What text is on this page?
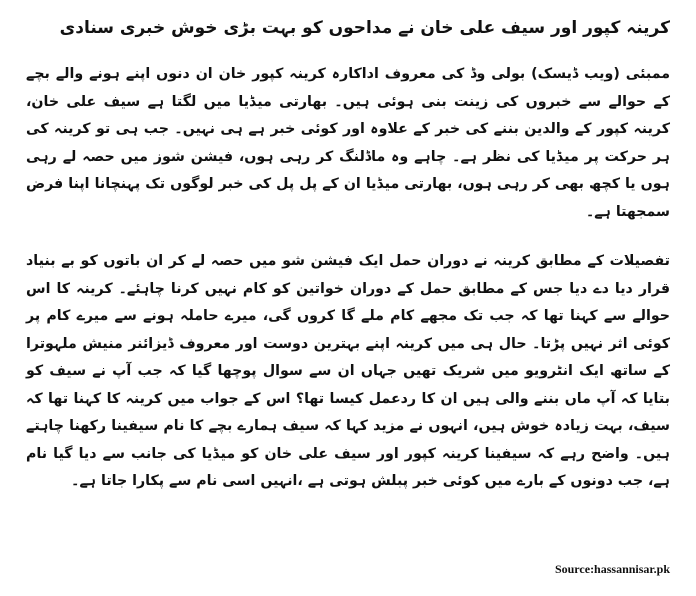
کرینہ کپور اور سیف علی خان نے مداحوں کو بہت بڑی خوش خبری سنادی

ممبئی (ویب ڈیسک) بولی وڈ کی معروف اداکارہ کرینہ کپور خان ان دنوں اپنے ہونے والے بچے کے حوالے سے خبروں کی زینت بنی ہوئی ہیں۔ بھارتی میڈیا میں لگتا ہے سیف علی خان، کرینہ کپور کے والدین بننے کی خبر کے علاوہ اور کوئی خبر ہے ہی نہیں۔ جب ہی تو کرینہ کی ہر حرکت پر میڈیا کی نظر ہے۔ چاہے وہ ماڈلنگ کر رہی ہوں، فیشن شوز میں حصہ لے رہی ہوں یا کچھ بھی کر رہی ہوں، بھارتی میڈیا ان کے پل پل کی خبر لوگوں تک پہنچانا اپنا فرض سمجھتا ہے۔

تفصیلات کے مطابق کرینہ نے دوران حمل ایک فیشن شو میں حصہ لے کر ان باتوں کو بے بنیاد قرار دیا دے دیا جس کے مطابق حمل کے دوران خواتین کو کام نہیں کرنا چاہئے۔ کرینہ کا اس حوالے سے کہنا تھا کہ جب تک مجھے کام ملے گا کروں گی، میرے حاملہ ہونے سے میرے کام پر کوئی اثر نہیں پڑتا۔ حال ہی میں کرینہ اپنے بہترین دوست اور معروف ڈیزائنر منیش ملہوترا کے ساتھ ایک انٹرویو میں شریک تھیں جہاں ان سے سوال پوچھا گیا کہ جب آپ نے سیف کو بتایا کہ آپ ماں بننے والی ہیں ان کا ردعمل کیسا تھا؟ اس کے جواب میں کرینہ کا کہنا تھا کہ سیف، بہت زیادہ خوش ہیں، انہوں نے مزید کہا کہ سیف ہمارے بچے کا نام سیفینا رکھنا چاہتے ہیں۔ واضح رہے کہ سیفینا کرینہ کپور اور سیف علی خان کو میڈیا کی جانب سے دیا گیا نام ہے، جب دونوں کے بارے میں کوئی خبر پبلش ہوتی ہے ،انہیں اسی نام سے پکارا جاتا ہے۔

Source:hassannisar.pk
